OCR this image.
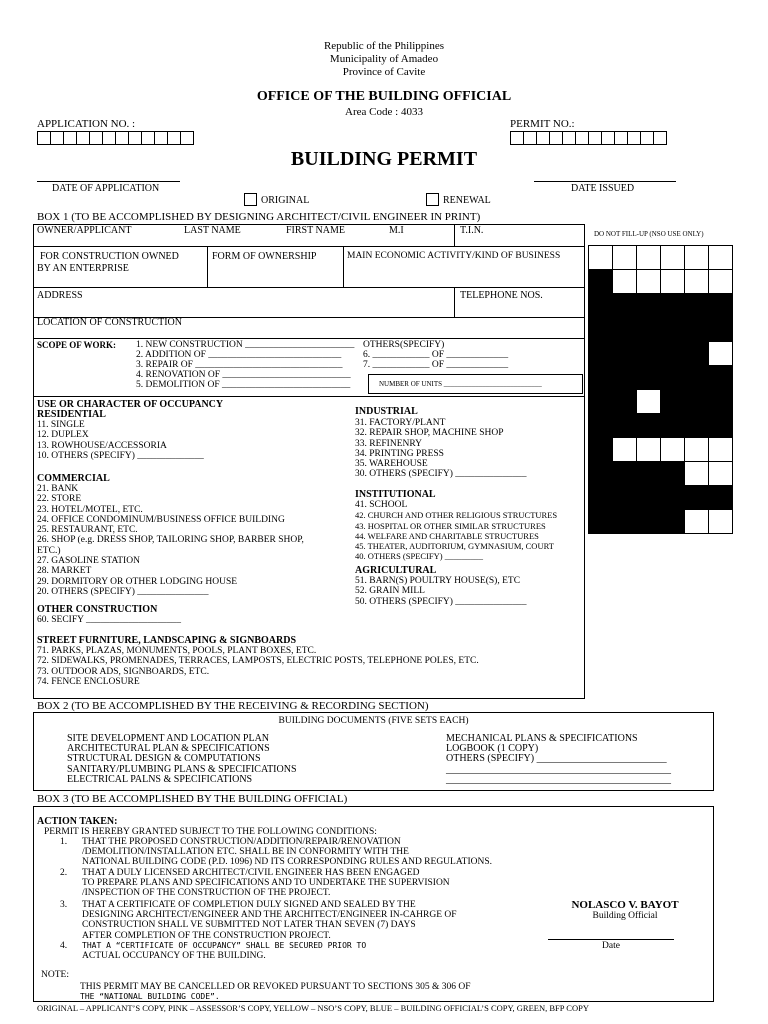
Republic of the Philippines
Municipality of Amadeo
Province of Cavite
OFFICE OF THE BUILDING OFFICIAL
Area Code : 4033
APPLICATION NO. :	PERMIT NO.:
BUILDING PERMIT
DATE OF APPLICATION	DATE ISSUED
ORIGINAL	RENEWAL
BOX 1 (TO BE ACCOMPLISHED BY DESIGNING ARCHITECT/CIVIL ENGINEER IN PRINT)
DO NOT FILL-UP (NSO USE ONLY)
OWNER/APPLICANT	LAST NAME	FIRST NAME	M.I	T.I.N.
FOR CONSTRUCTION OWNED
BY AN ENTERPRISE
FORM OF OWNERSHIP	MAIN ECONOMIC ACTIVITY/KIND OF BUSINESS
ADDRESS	TELEPHONE NOS.
LOCATION OF CONSTRUCTION
SCOPE OF WORK: 1. NEW CONSTRUCTION _______________________
2. ADDITION OF ____________________________
3. REPAIR OF _______________________________
4. RENOVATION OF ___________________________
5. DEMOLITION OF ___________________________
OTHERS(SPECIFY)
6. ____________ OF _____________
7. ____________ OF _____________
NUMBER OF UNITS ____________________________
USE OR CHARACTER OF OCCUPANCY
RESIDENTIAL
11. SINGLE
12. DUPLEX
13. ROWHOUSE/ACCESSORIA
10. OTHERS (SPECIFY) ______________
COMMERCIAL
21. BANK
22. STORE
23. HOTEL/MOTEL, ETC.
24. OFFICE CONDOMINUM/BUSINESS OFFICE BUILDING
25. RESTAURANT, ETC.
26. SHOP (e.g. DRESS SHOP, TAILORING SHOP, BARBER SHOP,
ETC.)
27. GASOLINE STATION
28. MARKET
29. DORMITORY OR OTHER LODGING HOUSE
20. OTHERS (SPECIFY) _______________
OTHER CONSTRUCTION
60. SECIFY ____________________
STREET FURNITURE, LANDSCAPING & SIGNBOARDS
71. PARKS, PLAZAS, MONUMENTS, POOLS, PLANT BOXES, ETC.
72. SIDEWALKS, PROMENADES, TERRACES, LAMPOSTS, ELECTRIC POSTS, TELEPHONE POLES, ETC.
73. OUTDOOR ADS, SIGNBOARDS, ETC.
74. FENCE ENCLOSURE
INDUSTRIAL
31. FACTORY/PLANT
32. REPAIR SHOP, MACHINE SHOP
33. REFINENRY
34. PRINTING PRESS
35. WAREHOUSE
30. OTHERS (SPECIFY) _______________
INSTITUTIONAL
41. SCHOOL
42. CHURCH AND OTHER RELIGIOUS STRUCTURES
43. HOSPITAL OR OTHER SIMILAR STRUCTURES
44. WELFARE AND CHARITABLE STRUCTURES
45. THEATER, AUDITORIUM, GYMNASIUM, COURT
40. OTHERS (SPECIFY) _________
AGRICULTURAL
51. BARN(S) POULTRY HOUSE(S), ETC
52. GRAIN MILL
50. OTHERS (SPECIFY) _______________

BOX 2 (TO BE ACCOMPLISHED BY THE RECEIVING & RECORDING SECTION)
BUILDING DOCUMENTS (FIVE SETS EACH)
SITE DEVELOPMENT AND LOCATION PLAN
ARCHITECTURAL PLAN & SPECIFICATIONS
STRUCTURAL DESIGN & COMPUTATIONS
SANITARY/PLUMBING PLANS & SPECIFICATIONS
ELECTRICAL PALNS & SPECIFICATIONS
MECHANICAL PLANS & SPECIFICATIONS
LOGBOOK (1 COPY)
OTHERS (SPECIFY) __________________________
_____________________________________________
_____________________________________________
BOX 3 (TO BE ACCOMPLISHED BY THE BUILDING OFFICIAL)
ACTION TAKEN:
PERMIT IS HEREBY GRANTED SUBJECT TO THE FOLLOWING CONDITIONS:
1. THAT THE PROPOSED CONSTRUCTION/ADDITION/REPAIR/RENOVATION
/DEMOLITION/INSTALLATION ETC. SHALL BE IN CONFORMITY WITH THE
NATIONAL BUILDING CODE (P.D. 1096) ND ITS CORRESPONDING RULES AND REGULATIONS.
2. THAT A DULY LICENSED ARCHITECT/CIVIL ENGINEER HAS BEEN ENGAGED
TO PREPARE PLANS AND SPECIFICATIONS AND TO UNDERTAKE THE SUPERVISION
/INSPECTION OF THE CONSTRUCTION OF THE PROJECT.
3. THAT A CERTIFICATE OF COMPLETION DULY SIGNED AND SEALED BY THE
DESIGNING ARCHITECT/ENGINEER AND THE ARCHITECT/ENGINEER IN-CAHRGE OF
CONSTRUCTION SHALL VE SUBMITTED NOT LATER THAN SEVEN (7) DAYS
AFTER COMPLETION OF THE CONSTRUCTION PROJECT.
4. THAT A “CERTIFICATE OF OCCUPANCY” SHALL BE SECURED PRIOR TO
ACTUAL OCCUPANCY OF THE BUILDING.
NOLASCO V. BAYOT
Building Official
Date
NOTE:
THIS PERMIT MAY BE CANCELLED OR REVOKED PURSUANT TO SECTIONS 305 & 306 OF
THE “NATIONAL BUILDING CODE”.
ORIGINAL – APPLICANT’S COPY, PINK – ASSESSOR’S COPY, YELLOW – NSO’S COPY, BLUE – BUILDING OFFICIAL’S COPY, GREEN, BFP COPY
